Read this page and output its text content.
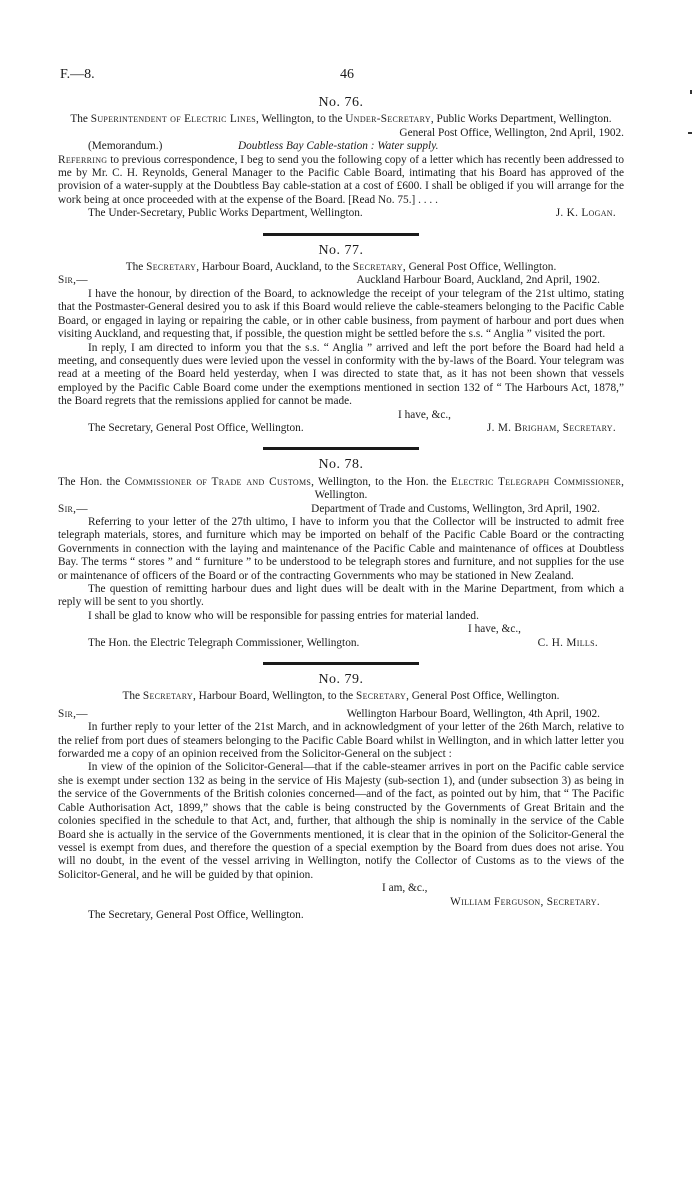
F.—8.	46
No. 76.

The Superintendent of Electric Lines, Wellington, to the Under-Secretary, Public Works Department, Wellington.

General Post Office, Wellington, 2nd April, 1902.

(Memorandum.)	Doubtless Bay Cable-station : Water supply.

Referring to previous correspondence, I beg to send you the following copy of a letter which has recently been addressed to me by Mr. C. H. Reynolds, General Manager to the Pacific Cable Board, intimating that his Board has approved of the provision of a water-supply at the Doubtless Bay cable-station at a cost of £600. I shall be obliged if you will arrange for the work being at once proceeded with at the expense of the Board. [Read No. 75.] . . . .

The Under-Secretary, Public Works Department, Wellington.	J. K. Logan.
No. 77.

The Secretary, Harbour Board, Auckland, to the Secretary, General Post Office, Wellington.

Sir,—	Auckland Harbour Board, Auckland, 2nd April, 1902.

I have the honour, by direction of the Board, to acknowledge the receipt of your telegram of the 21st ultimo, stating that the Postmaster-General desired you to ask if this Board would relieve the cable-steamers belonging to the Pacific Cable Board, or engaged in laying or repairing the cable, or in other cable business, from payment of harbour and port dues when visiting Auckland, and requesting that, if possible, the question might be settled before the s.s. “ Anglia ” visited the port.

In reply, I am directed to inform you that the s.s. “ Anglia ” arrived and left the port before the Board had held a meeting, and consequently dues were levied upon the vessel in conformity with the by-laws of the Board. Your telegram was read at a meeting of the Board held yesterday, when I was directed to state that, as it has not been shown that vessels employed by the Pacific Cable Board come under the exemptions mentioned in section 132 of “ The Harbours Act, 1878,” the Board regrets that the remissions applied for cannot be made.

I have, &c.,

The Secretary, General Post Office, Wellington.	J. M. Brigham, Secretary.
No. 78.

The Hon. the Commissioner of Trade and Customs, Wellington, to the Hon. the Electric Telegraph Commissioner, Wellington.

Sir,—	Department of Trade and Customs, Wellington, 3rd April, 1902.

Referring to your letter of the 27th ultimo, I have to inform you that the Collector will be instructed to admit free telegraph materials, stores, and furniture which may be imported on behalf of the Pacific Cable Board or the contracting Governments in connection with the laying and maintenance of the Pacific Cable and maintenance of offices at Doubtless Bay. The terms “ stores ” and “ furniture ” to be understood to be telegraph stores and furniture, and not supplies for the use or maintenance of officers of the Board or of the contracting Governments who may be stationed in New Zealand.

The question of remitting harbour dues and light dues will be dealt with in the Marine Department, from which a reply will be sent to you shortly.

I shall be glad to know who will be responsible for passing entries for material landed.

I have, &c.,

The Hon. the Electric Telegraph Commissioner, Wellington.	C. H. Mills.
No. 79.

The Secretary, Harbour Board, Wellington, to the Secretary, General Post Office, Wellington.

Sir,—	Wellington Harbour Board, Wellington, 4th April, 1902.

In further reply to your letter of the 21st March, and in acknowledgment of your letter of the 26th March, relative to the relief from port dues of steamers belonging to the Pacific Cable Board whilst in Wellington, and in which latter letter you forwarded me a copy of an opinion received from the Solicitor-General on the subject :

In view of the opinion of the Solicitor-General—that if the cable-steamer arrives in port on the Pacific cable service she is exempt under section 132 as being in the service of His Majesty (sub-section 1), and (under subsection 3) as being in the service of the Governments of the British colonies concerned—and of the fact, as pointed out by him, that “ The Pacific Cable Authorisation Act, 1899,” shows that the cable is being constructed by the Governments of Great Britain and the colonies specified in the schedule to that Act, and, further, that although the ship is nominally in the service of the Cable Board she is actually in the service of the Governments mentioned, it is clear that in the opinion of the Solicitor-General the vessel is exempt from dues, and therefore the question of a special exemption by the Board from dues does not arise. You will no doubt, in the event of the vessel arriving in Wellington, notify the Collector of Customs as to the views of the Solicitor-General, and he will be guided by that opinion.

I am, &c.,

William Ferguson, Secretary.

The Secretary, General Post Office, Wellington.
